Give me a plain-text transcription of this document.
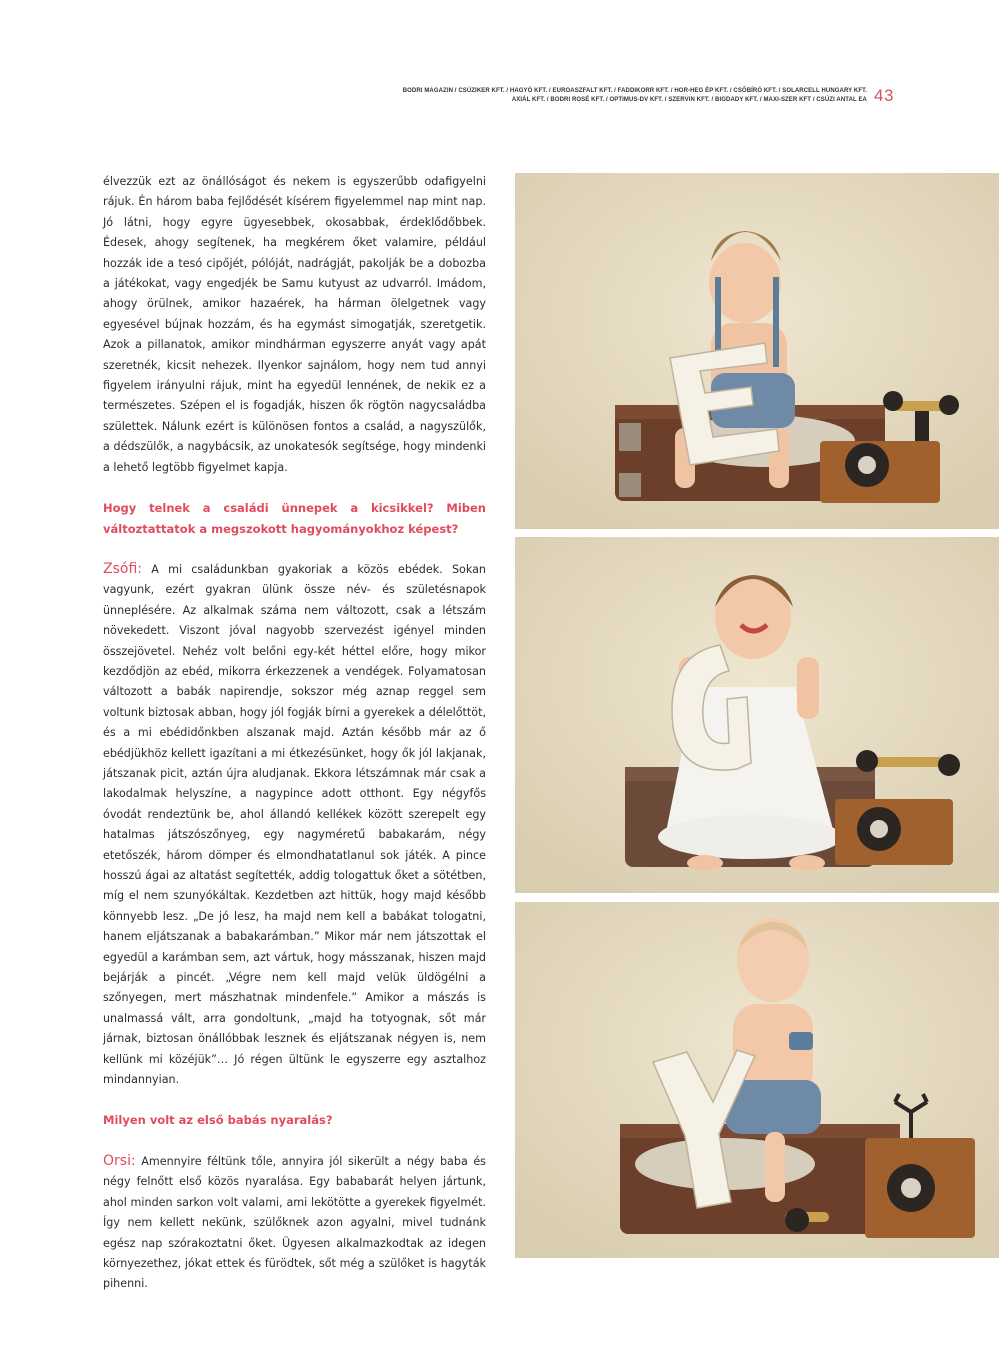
BODRI MAGAZIN / CSÚZIKER KFT. / HAGYÓ KFT. / EUROASZFALT KFT. / FADDIKORR KFT. / HOR-HEG ÉP KFT. / CSŐBÍRÓ KFT. / SOLARCELL HUNGARY KFT.
AXIÁL KFT. / BODRI ROSÉ KFT. / OPTIMUS-DV KFT. / SZERVIN KFT. / BIGDADY KFT. / MAXI-SZER KFT / CSÚZI ANTAL EA 43

élvezzük ezt az önállóságot és nekem is egyszerűbb odafigyelni rájuk. Én három baba fejlődését kísérem figyelemmel nap mint nap. Jó látni, hogy egyre ügyesebbek, okosabbak, érdeklődőbbek. Édesek, ahogy segítenek, ha megkérem őket valamire, például hozzák ide a tesó cipőjét, pólóját, nadrágját, pakolják be a dobozba a játékokat, vagy engedjék be Samu kutyust az udvarról. Imádom, ahogy örülnek, amikor hazaérek, ha hárman ölelgetnek vagy egyesével bújnak hozzám, és ha egymást simogatják, szeretgetik. Azok a pillanatok, amikor mindhárman egyszerre anyát vagy apát szeretnék, kicsit nehezek. Ilyenkor sajnálom, hogy nem tud annyi figyelem irányulni rájuk, mint ha egyedül lennének, de nekik ez a természetes. Szépen el is fogadják, hiszen ők rögtön nagycsaládba születtek. Nálunk ezért is különösen fontos a család, a nagyszülők, a dédszülők, a nagybácsik, az unokatesók segítsége, hogy mindenki a lehető legtöbb figyelmet kapja.

Hogy telnek a családi ünnepek a kicsikkel? Miben változtattatok a megszokott hagyományokhoz képest?

Zsófi: A mi családunkban gyakoriak a közös ebédek. Sokan vagyunk, ezért gyakran ülünk össze név- és születésnapok ünneplésére. Az alkalmak száma nem változott, csak a létszám növekedett. Viszont jóval nagyobb szervezést igényel minden összejövetel. Nehéz volt belőni egy-két héttel előre, hogy mikor kezdődjön az ebéd, mikorra érkezzenek a vendégek. Folyamatosan változott a babák napirendje, sokszor még aznap reggel sem voltunk biztosak abban, hogy jól fogják bírni a gyerekek a délelőttöt, és a mi ebédidőnkben alszanak majd. Aztán később már az ő ebédjükhöz kellett igazítani a mi étkezésünket, hogy ők jól lakjanak, játszanak picit, aztán újra aludjanak. Ekkora létszámnak már csak a lakodalmak helyszíne, a nagypince adott otthont. Egy négyfős óvodát rendeztünk be, ahol állandó kellékek között szerepelt egy hatalmas játszószőnyeg, egy nagyméretű babakarám, négy etetőszék, három dömper és elmondhatatlanul sok játék. A pince hosszú ágai az altatást segítették, addig tologattuk őket a sötétben, míg el nem szunyókáltak. Kezdetben azt hittük, hogy majd később könnyebb lesz. „De jó lesz, ha majd nem kell a babákat tologatni, hanem eljátszanak a babakarámban.” Mikor már nem játszottak el egyedül a karámban sem, azt vártuk, hogy másszanak, hiszen majd bejárják a pincét. „Végre nem kell majd velük üldögélni a szőnyegen, mert mászhatnak mindenfele.” Amikor a mászás is unalmassá vált, arra gondoltunk, „majd ha totyognak, sőt már járnak, biztosan önállóbbak lesznek és eljátszanak négyen is, nem kellünk mi közéjük”… Jó régen ültünk le egyszerre egy asztalhoz mindannyian.

Milyen volt az első babás nyaralás?

Orsi: Amennyire féltünk tőle, annyira jól sikerült a négy baba és négy felnőtt első közös nyaralása. Egy bababarát helyen jártunk, ahol minden sarkon volt valami, ami lekötötte a gyerekek figyelmét. Így nem kellett nekünk, szülőknek azon agyalni, mivel tudnánk egész nap szórakoztatni őket. Ügyesen alkalmazkodtak az idegen környezethez, jókat ettek és fürödtek, sőt még a szülőket is hagyták pihenni.
